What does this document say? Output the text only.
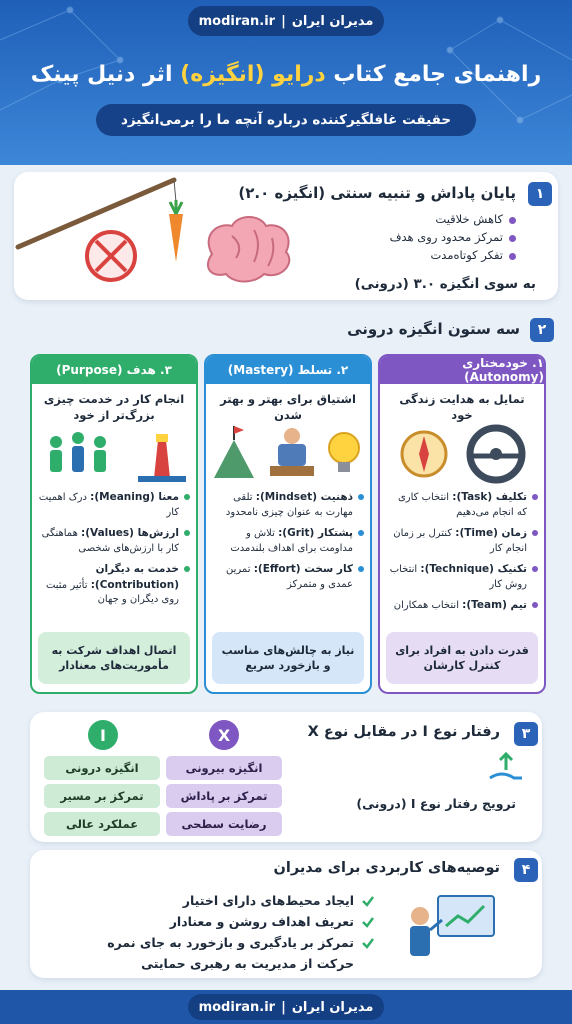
مدیران ایران
|
modiran.ir
راهنمای جامع کتاب درایو (انگیزه) اثر دنیل پینک
حقیقت غافلگیرکننده درباره آنچه ما را برمی‌انگیزد
۱
پایان پاداش و تنبیه سنتی (انگیزه ۲.۰)
کاهش خلاقیت
تمرکز محدود روی هدف
تفکر کوتاه‌مدت
به سوی انگیزه ۳.۰ (درونی)
۲
سه ستون انگیزه درونی
۱. خودمختاری (Autonomy)
تمایل به هدایت زندگی خود
تکلیف (Task): انتخاب کاری که انجام می‌دهیم
زمان (Time): کنترل بر زمان انجام کار
تکنیک (Technique): انتخاب روش کار
تیم (Team): انتخاب همکاران
قدرت دادن به افراد برای کنترل کارشان
۲. تسلط (Mastery)
اشتیاق برای بهتر و بهتر شدن
ذهنیت (Mindset): تلقی مهارت به عنوان چیزی نامحدود
پشتکار (Grit): تلاش و مداومت برای اهداف بلندمدت
کار سخت (Effort): تمرین عمدی و متمرکز
نیاز به چالش‌های مناسب و بازخورد سریع
۳. هدف (Purpose)
انجام کار در خدمت چیزی بزرگ‌تر از خود
معنا (Meaning): درک اهمیت کار
ارزش‌ها (Values): هماهنگی کار با ارزش‌های شخصی
خدمت به دیگران (Contribution): تأثیر مثبت روی دیگران و جهان
اتصال اهداف شرکت به مأموریت‌های معنادار
۳
رفتار نوع I در مقابل نوع X
ترویج رفتار نوع I (درونی)
X
I
انگیزه بیرونی
تمرکز بر پاداش
رضایت سطحی
انگیزه درونی
تمرکز بر مسیر
عملکرد عالی
۴
توصیه‌های کاربردی برای مدیران
ایجاد محیط‌های دارای اختیار
تعریف اهداف روشن و معنادار
تمرکز بر یادگیری و بازخورد به جای نمره
حرکت از مدیریت به رهبری حمایتی
modiran.ir | مدیران ایران
